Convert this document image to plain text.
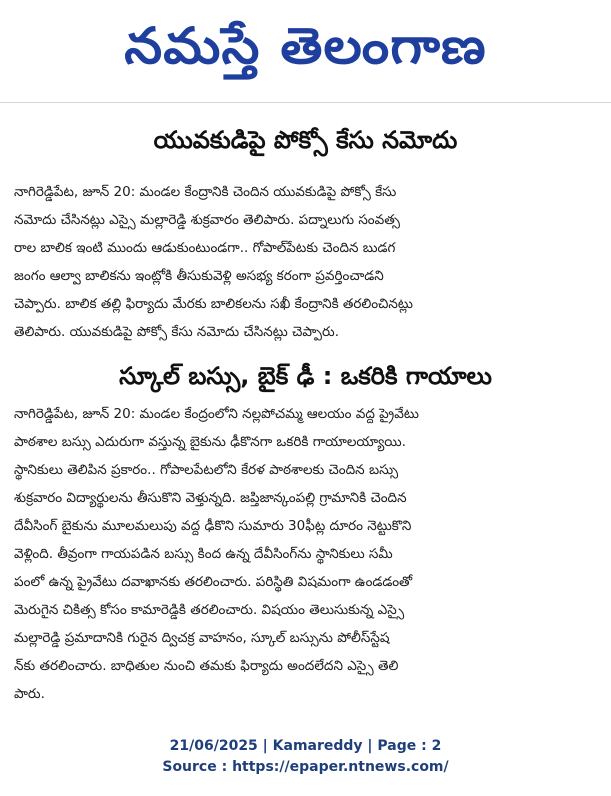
నమస్తే తెలంగాణ
యువకుడిపై పోక్సో కేసు నమోదు
నాగిరెడ్డిపేట, జూన్ 20: మండల కేంద్రానికి చెందిన యువకుడిపై పోక్సో కేసు
నమోదు చేసినట్లు ఎస్సై మల్లారెడ్డి శుక్రవారం తెలిపారు. పద్నాలుగు సంవత్స
రాల బాలిక ఇంటి ముందు ఆడుకుంటుండగా.. గోపాల్‌పేటకు చెందిన బుడగ
జంగం ఆల్వా బాలికను ఇంట్లోకి తీసుకువెళ్లి అసభ్య కరంగా ప్రవర్తించాడని
చెప్పారు. బాలిక తల్లి ఫిర్యాదు మేరకు బాలికలను సఖీ కేంద్రానికి తరలించినట్లు
తెలిపారు. యువకుడిపై పోక్సో కేసు నమోదు చేసినట్లు చెప్పారు.
స్కూల్ బస్సు, బైక్ ఢీ : ఒకరికి గాయాలు
నాగిరెడ్డిపేట, జూన్ 20: మండల కేంద్రంలోని నల్లపోచమ్మ ఆలయం వద్ద ప్రైవేటు
పాఠశాల బస్సు ఎదురుగా వస్తున్న బైకును ఢీకొనగా ఒకరికి గాయాలయ్యాయి.
స్థానికులు తెలిపిన ప్రకారం.. గోపాలపేటలోని కేరళ పాఠశాలకు చెందిన బస్సు
శుక్రవారం విద్యార్థులను తీసుకొని వెళ్తున్నది. జప్తిజాన్కంపల్లి గ్రామానికి చెందిన
దేవీసింగ్ బైకును మూలమలుపు వద్ద ఢీకొని సుమారు 30ఫీట్ల దూరం నెట్టుకొని
వెళ్లింది. తీవ్రంగా గాయపడిన బస్సు కింద ఉన్న దేవీసింగ్‌ను స్థానికులు సమీ
పంలో ఉన్న ప్రైవేటు దవాఖానకు తరలించారు. పరిస్థితి విషమంగా ఉండడంతో
మెరుగైన చికిత్స కోసం కామారెడ్డికి తరలించారు. విషయం తెలుసుకున్న ఎస్సై
మల్లారెడ్డి ప్రమాదానికి గురైన ద్విచక్ర వాహనం, స్కూల్ బస్సును పోలీస్‌స్టేష
న్‌కు తరలించారు. బాధితుల నుంచి తమకు ఫిర్యాదు అందలేదని ఎస్సై తెలి
పారు.
21/06/2025 | Kamareddy | Page : 2
Source : https://epaper.ntnews.com/
